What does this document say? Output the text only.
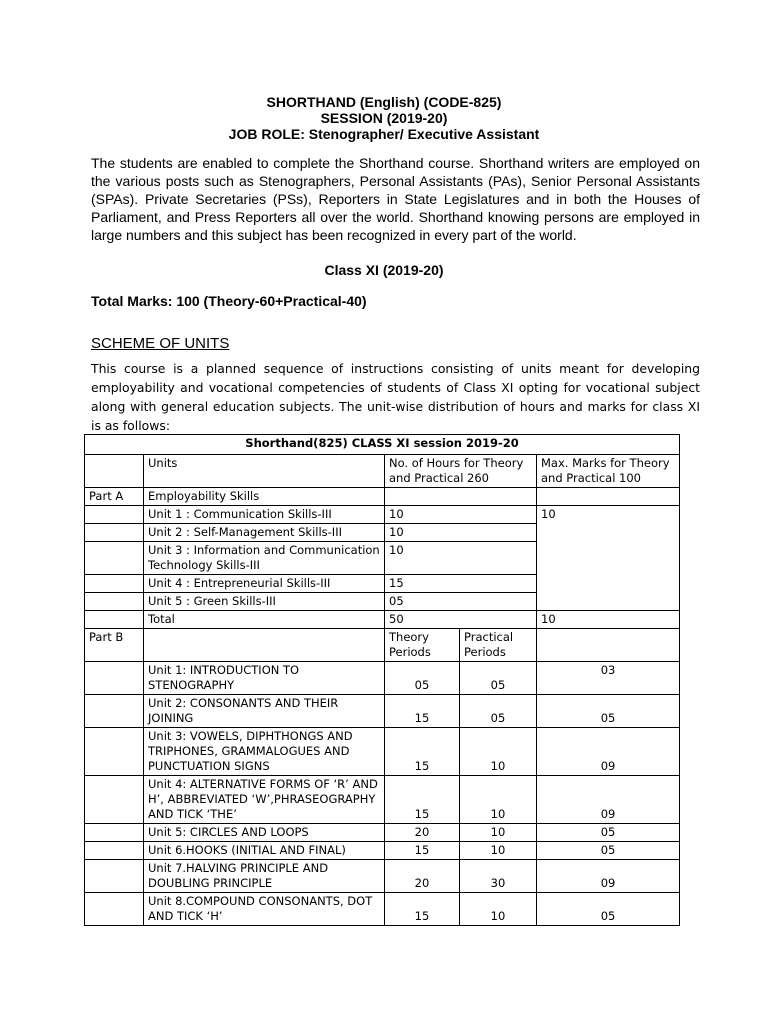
SHORTHAND (English) (CODE-825)
SESSION (2019-20)
JOB ROLE: Stenographer/ Executive Assistant
The students are enabled to complete the Shorthand course. Shorthand writers are employed on the various posts such as Stenographers, Personal Assistants (PAs), Senior Personal Assistants (SPAs). Private Secretaries (PSs), Reporters in State Legislatures and in both the Houses of Parliament, and Press Reporters all over the world. Shorthand knowing persons are employed in large numbers and this subject has been recognized in every part of the world.
Class XI (2019-20)
Total Marks: 100 (Theory-60+Practical-40)
SCHEME OF UNITS
This course is a planned sequence of instructions consisting of units meant for developing employability and vocational competencies of students of Class XI opting for vocational subject along with general education subjects. The unit-wise distribution of hours and marks for class XI is as follows:
Shorthand(825) CLASS XI session 2019-20				
	Units	No. of Hours for Theory and Practical 260		Max. Marks for Theory and Practical 100
Part A	Employability Skills			
	Unit 1 : Communication Skills-III	10		10
	Unit 2 : Self-Management Skills-III	10		
	Unit 3 : Information and Communication Technology Skills-III	10		
	Unit 4 : Entrepreneurial Skills-III	15		
	Unit 5 : Green Skills-III	05		
	Total	50		10
Part B		Theory Periods	Practical Periods	
	Unit 1: INTRODUCTION TO STENOGRAPHY	05	05	03
	Unit 2: CONSONANTS AND THEIR JOINING	15	05	05
	Unit 3: VOWELS, DIPHTHONGS AND TRIPHONES, GRAMMALOGUES AND PUNCTUATION SIGNS	15	10	09
	Unit 4: ALTERNATIVE FORMS OF ‘R’ AND H’, ABBREVIATED ‘W’,PHRASEOGRAPHY AND TICK ‘THE’	15	10	09
	Unit 5: CIRCLES AND LOOPS	20	10	05
	Unit 6.HOOKS (INITIAL AND FINAL)	15	10	05
	Unit 7.HALVING PRINCIPLE AND DOUBLING PRINCIPLE	20	30	09
	Unit 8.COMPOUND CONSONANTS, DOT AND TICK ‘H’	15	10	05
